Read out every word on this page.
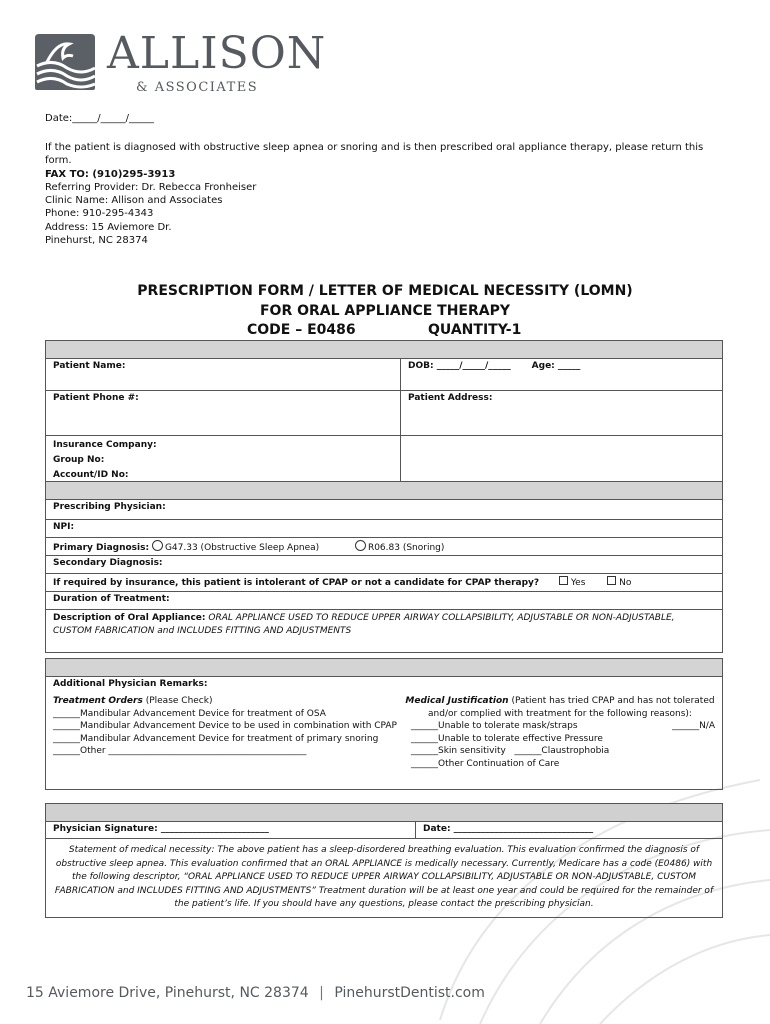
ALLISON
& ASSOCIATES
Date:_____/_____/_____
If the patient is diagnosed with obstructive sleep apnea or snoring and is then prescribed oral appliance therapy, please return this form.
FAX TO: (910)295-3913
Referring Provider: Dr. Rebecca Fronheiser
Clinic Name: Allison and Associates
Phone: 910-295-4343
Address: 15 Aviemore Dr.
Pinehurst, NC 28374
PRESCRIPTION FORM / LETTER OF MEDICAL NECESSITY (LOMN)
FOR ORAL APPLIANCE THERAPY
CODE – E0486	QUANTITY-1

Patient Name:	DOB: _____/_____/_____ Age: _____
Patient Phone #:	Patient Address:

Insurance Company:
Group No:
Account/ID No:	

Prescribing Physician:
NPI:
Primary Diagnosis: G47.33 (Obstructive Sleep Apnea)	R06.83 (Snoring)
Secondary Diagnosis:
If required by insurance, this patient is intolerant of CPAP or not a candidate for CPAP therapy?	Yes	No
Duration of Treatment:
Description of Oral Appliance: ORAL APPLIANCE USED TO REDUCE UPPER AIRWAY COLLAPSIBILITY, ADJUSTABLE OR NON-ADJUSTABLE, CUSTOM FABRICATION and INCLUDES FITTING AND ADJUSTMENTS

Additional Physician Remarks:

Treatment Orders (Please Check)
______Mandibular Advancement Device for treatment of OSA
______Mandibular Advancement Device to be used in combination with CPAP
______Mandibular Advancement Device for treatment of primary snoring
______Other ____________________________________________

Medical Justification (Patient has tried CPAP and has not tolerated and/or complied with treatment for the following reasons):
______Unable to tolerate mask/straps	______N/A
______Unable to tolerate effective Pressure
______Skin sensitivity ______Claustrophobia
______Other Continuation of Care

Physician Signature: ________________________	Date: _______________________________
Statement of medical necessity: The above patient has a sleep-disordered breathing evaluation. This evaluation confirmed the diagnosis of obstructive sleep apnea. This evaluation confirmed that an ORAL APPLIANCE is medically necessary. Currently, Medicare has a code (E0486) with the following descriptor, “ORAL APPLIANCE USED TO REDUCE UPPER AIRWAY COLLAPSIBILITY, ADJUSTABLE OR NON-ADJUSTABLE, CUSTOM FABRICATION and INCLUDES FITTING AND ADJUSTMENTS” Treatment duration will be at least one year and could be required for the remainder of the patient’s life. If you should have any questions, please contact the prescribing physician.
15 Aviemore Drive, Pinehurst, NC 28374 | PinehurstDentist.com
